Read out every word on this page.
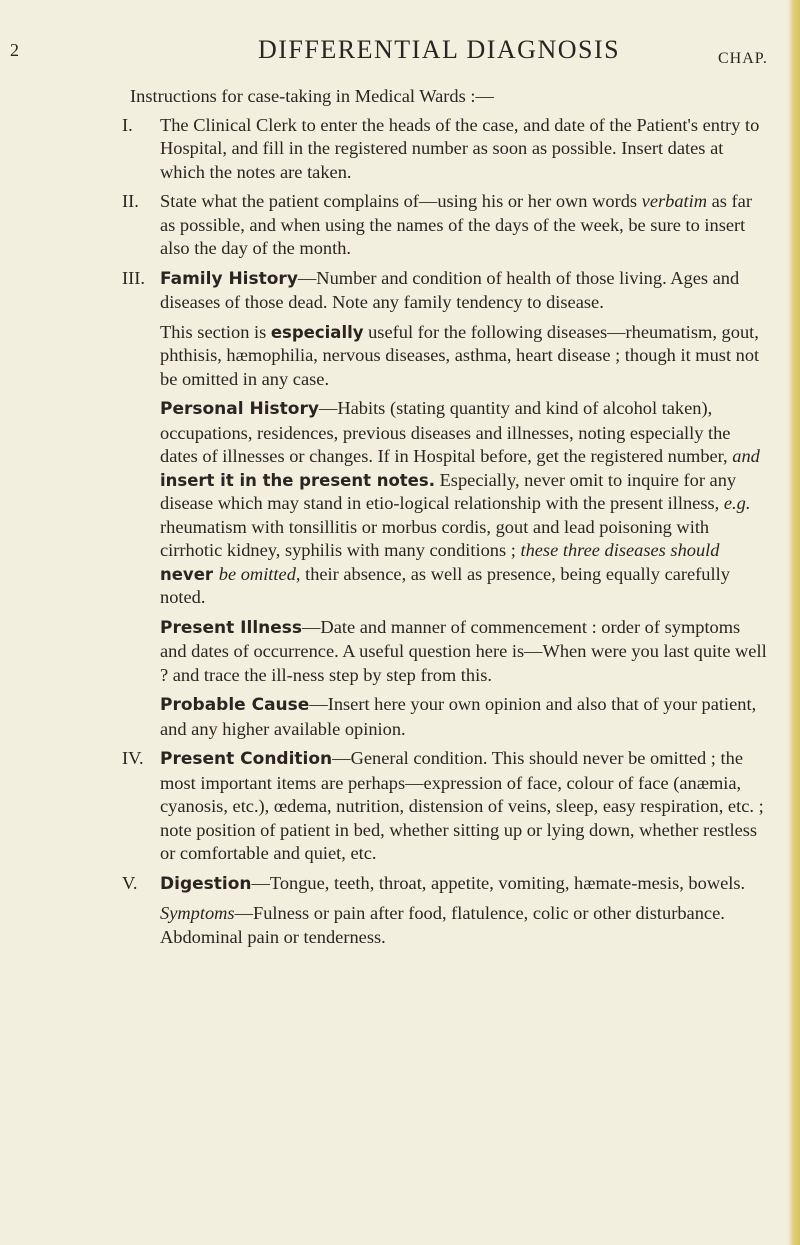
2	DIFFERENTIAL DIAGNOSIS	CHAP.

Instructions for case-taking in Medical Wards :—

I.	The Clinical Clerk to enter the heads of the case, and date of the Patient's entry to Hospital, and fill in the registered number as soon as possible. Insert dates at which the notes are taken.

II.	State what the patient complains of—using his or her own words verbatim as far as possible, and when using the names of the days of the week, be sure to insert also the day of the month.

III. Family History—Number and condition of health of those living. Ages and diseases of those dead. Note any family tendency to disease.

This section is especially useful for the following diseases—rheumatism, gout, phthisis, hæmophilia, nervous diseases, asthma, heart disease ; though it must not be omitted in any case.

Personal History—Habits (stating quantity and kind of alcohol taken), occupations, residences, previous diseases and illnesses, noting especially the dates of illnesses or changes. If in Hospital before, get the registered number, and insert it in the present notes. Especially, never omit to inquire for any disease which may stand in etio-logical relationship with the present illness, e.g. rheumatism with tonsillitis or morbus cordis, gout and lead poisoning with cirrhotic kidney, syphilis with many conditions ; these three diseases should never be omitted, their absence, as well as presence, being equally carefully noted.

Present Illness—Date and manner of commencement : order of symptoms and dates of occurrence. A useful question here is—When were you last quite well ? and trace the ill-ness step by step from this.

Probable Cause—Insert here your own opinion and also that of your patient, and any higher available opinion.

IV. Present Condition—General condition. This should never be omitted ; the most important items are perhaps—expression of face, colour of face (anæmia, cyanosis, etc.), œdema, nutrition, distension of veins, sleep, easy respiration, etc. ; note position of patient in bed, whether sitting up or lying down, whether restless or comfortable and quiet, etc.

V.	Digestion—Tongue, teeth, throat, appetite, vomiting, hæmate-mesis, bowels.

Symptoms—Fulness or pain after food, flatulence, colic or other disturbance. Abdominal pain or tenderness.
